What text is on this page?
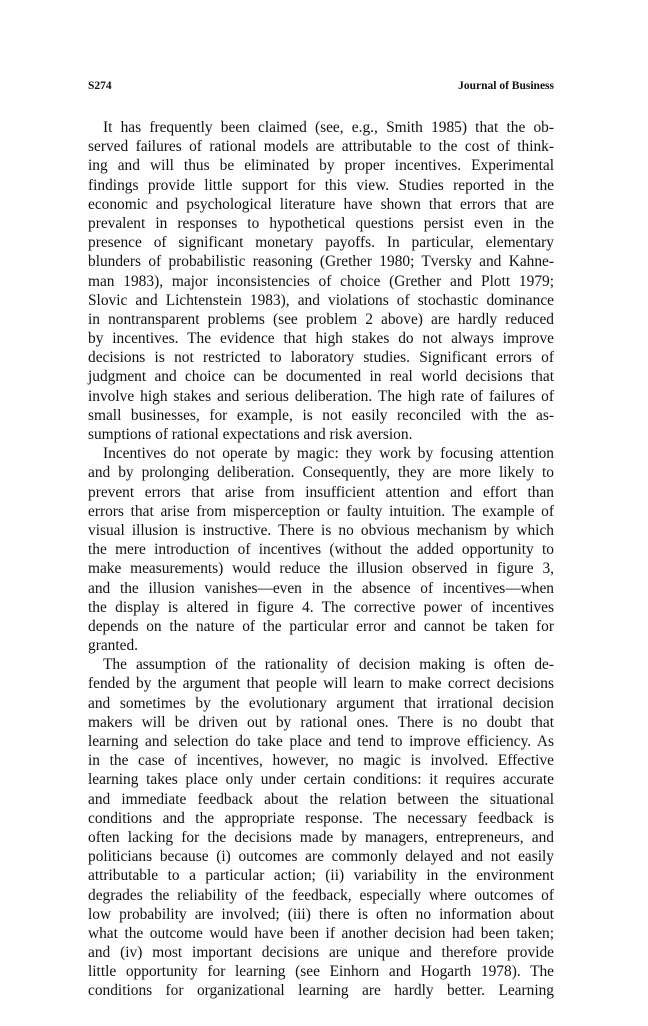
S274	Journal of Business
It has frequently been claimed (see, e.g., Smith 1985) that the ob-
served failures of rational models are attributable to the cost of think-
ing and will thus be eliminated by proper incentives. Experimental
findings provide little support for this view. Studies reported in the
economic and psychological literature have shown that errors that are
prevalent in responses to hypothetical questions persist even in the
presence of significant monetary payoffs. In particular, elementary
blunders of probabilistic reasoning (Grether 1980; Tversky and Kahne-
man 1983), major inconsistencies of choice (Grether and Plott 1979;
Slovic and Lichtenstein 1983), and violations of stochastic dominance
in nontransparent problems (see problem 2 above) are hardly reduced
by incentives. The evidence that high stakes do not always improve
decisions is not restricted to laboratory studies. Significant errors of
judgment and choice can be documented in real world decisions that
involve high stakes and serious deliberation. The high rate of failures of
small businesses, for example, is not easily reconciled with the as-
sumptions of rational expectations and risk aversion.
Incentives do not operate by magic: they work by focusing attention
and by prolonging deliberation. Consequently, they are more likely to
prevent errors that arise from insufficient attention and effort than
errors that arise from misperception or faulty intuition. The example of
visual illusion is instructive. There is no obvious mechanism by which
the mere introduction of incentives (without the added opportunity to
make measurements) would reduce the illusion observed in figure 3,
and the illusion vanishes—even in the absence of incentives—when
the display is altered in figure 4. The corrective power of incentives
depends on the nature of the particular error and cannot be taken for
granted.
The assumption of the rationality of decision making is often de-
fended by the argument that people will learn to make correct decisions
and sometimes by the evolutionary argument that irrational decision
makers will be driven out by rational ones. There is no doubt that
learning and selection do take place and tend to improve efficiency. As
in the case of incentives, however, no magic is involved. Effective
learning takes place only under certain conditions: it requires accurate
and immediate feedback about the relation between the situational
conditions and the appropriate response. The necessary feedback is
often lacking for the decisions made by managers, entrepreneurs, and
politicians because (i) outcomes are commonly delayed and not easily
attributable to a particular action; (ii) variability in the environment
degrades the reliability of the feedback, especially where outcomes of
low probability are involved; (iii) there is often no information about
what the outcome would have been if another decision had been taken;
and (iv) most important decisions are unique and therefore provide
little opportunity for learning (see Einhorn and Hogarth 1978). The
conditions for organizational learning are hardly better. Learning
